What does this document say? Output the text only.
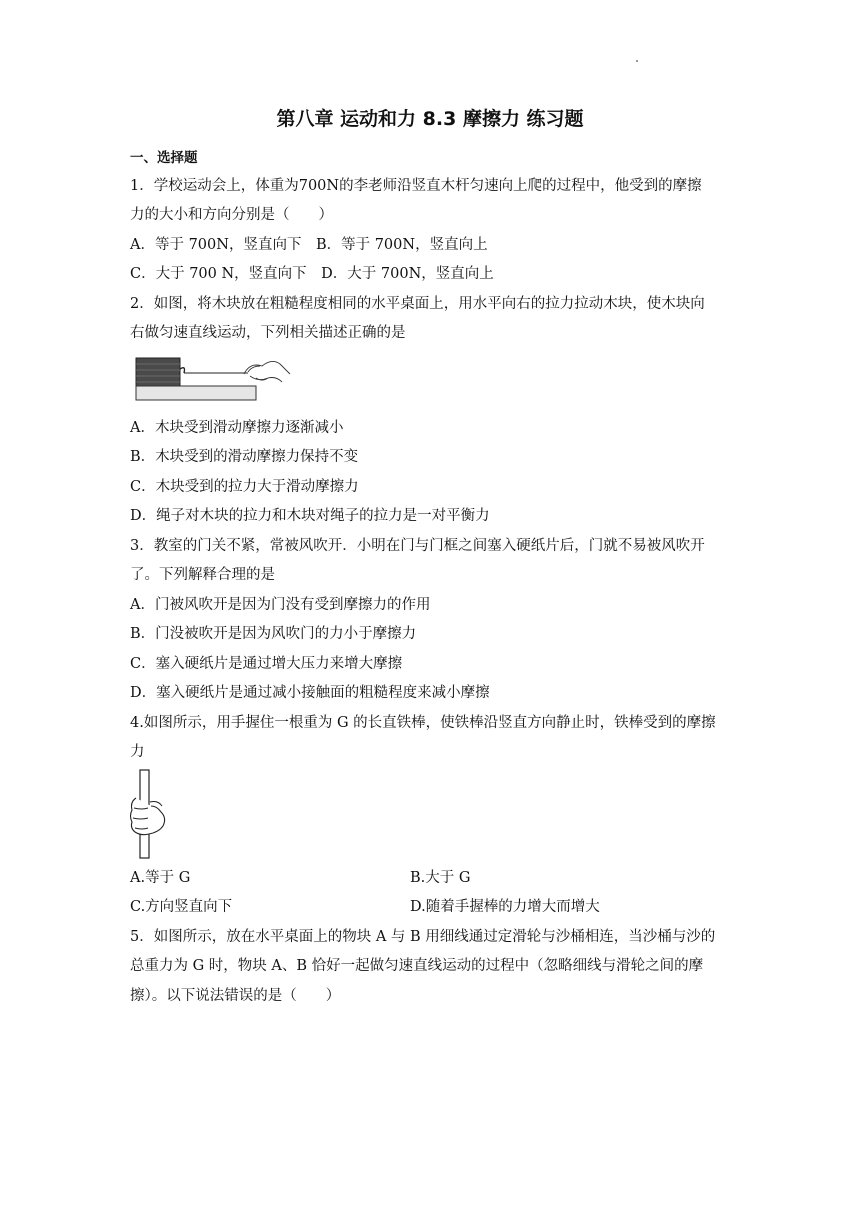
第八章 运动和力 8.3 摩擦力 练习题
一、选择题
1．学校运动会上，体重为700N的李老师沿竖直木杆匀速向上爬的过程中，他受到的摩擦
力的大小和方向分别是（　　）
A．等于 700N，竖直向下　B．等于 700N，竖直向上
C．大于 700 N，竖直向下　D．大于 700N，竖直向上
2．如图，将木块放在粗糙程度相同的水平桌面上，用水平向右的拉力拉动木块，使木块向
右做匀速直线运动，下列相关描述正确的是
A．木块受到滑动摩擦力逐渐减小
B．木块受到的滑动摩擦力保持不变
C．木块受到的拉力大于滑动摩擦力
D．绳子对木块的拉力和木块对绳子的拉力是一对平衡力
3．教室的门关不紧，常被风吹开．小明在门与门框之间塞入硬纸片后，门就不易被风吹开
了。下列解释合理的是
A．门被风吹开是因为门没有受到摩擦力的作用
B．门没被吹开是因为风吹门的力小于摩擦力
C．塞入硬纸片是通过增大压力来增大摩擦
D．塞入硬纸片是通过减小接触面的粗糙程度来减小摩擦
4.如图所示，用手握住一根重为 G 的长直铁棒，使铁棒沿竖直方向静止时，铁棒受到的摩擦
力
A.等于 G	B.大于 G
C.方向竖直向下	D.随着手握棒的力增大而增大
5．如图所示，放在水平桌面上的物块 A 与 B 用细线通过定滑轮与沙桶相连，当沙桶与沙的
总重力为 G 时，物块 A、B 恰好一起做匀速直线运动的过程中（忽略细线与滑轮之间的摩
擦）。以下说法错误的是（　　）
